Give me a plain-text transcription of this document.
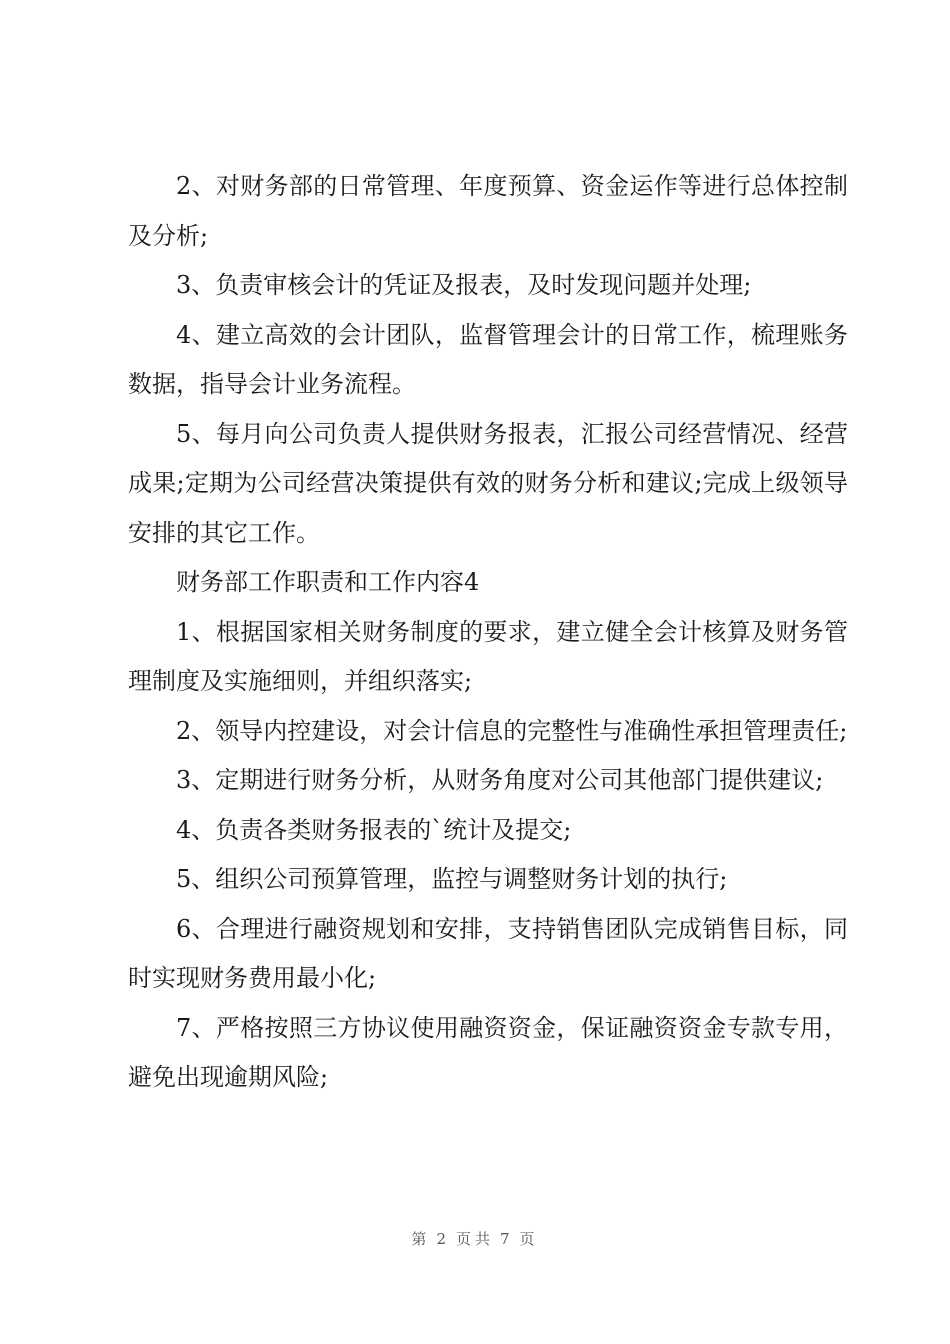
2、对财务部的日常管理、年度预算、资金运作等进行总体控制及分析;

3、负责审核会计的凭证及报表，及时发现问题并处理;

4、建立高效的会计团队，监督管理会计的日常工作，梳理账务数据，指导会计业务流程。

5、每月向公司负责人提供财务报表，汇报公司经营情况、经营成果;定期为公司经营决策提供有效的财务分析和建议;完成上级领导安排的其它工作。

财务部工作职责和工作内容4

1、根据国家相关财务制度的要求，建立健全会计核算及财务管理制度及实施细则，并组织落实;

2、领导内控建设，对会计信息的完整性与准确性承担管理责任;

3、定期进行财务分析，从财务角度对公司其他部门提供建议;

4、负责各类财务报表的`统计及提交;

5、组织公司预算管理，监控与调整财务计划的执行;

6、合理进行融资规划和安排，支持销售团队完成销售目标，同时实现财务费用最小化;

7、严格按照三方协议使用融资资金，保证融资资金专款专用，避免出现逾期风险;

第 2 页共 7 页
